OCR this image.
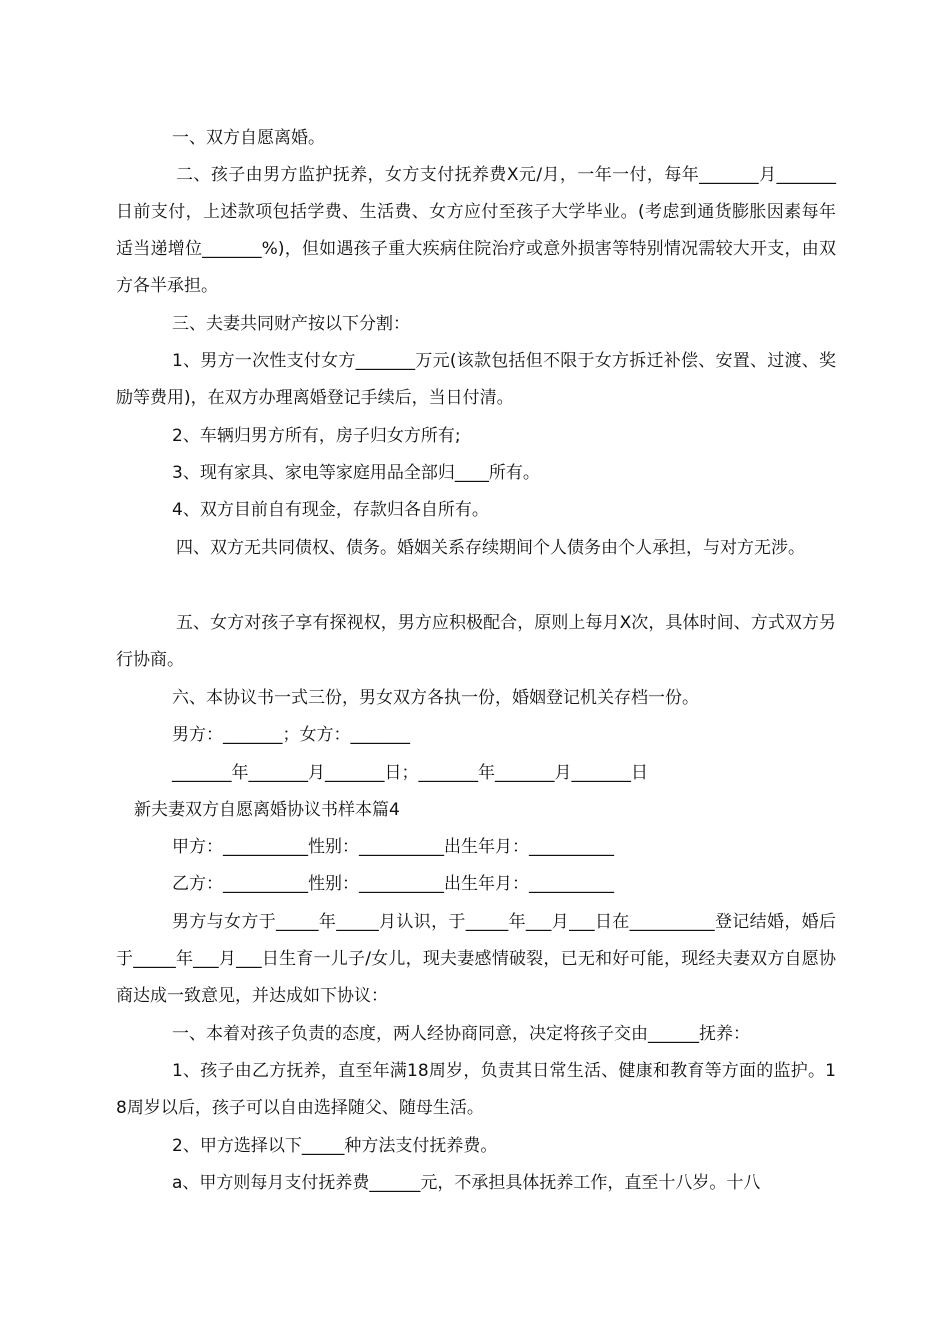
一、双方自愿离婚。

二、孩子由男方监护抚养，女方支付抚养费X元/月，一年一付，每年_______月_______日前支付，上述款项包括学费、生活费、女方应付至孩子大学毕业。(考虑到通货膨胀因素每年适当递增位_______%)，但如遇孩子重大疾病住院治疗或意外损害等特别情况需较大开支，由双方各半承担。

三、夫妻共同财产按以下分割：

1、男方一次性支付女方_______万元(该款包括但不限于女方拆迁补偿、安置、过渡、奖励等费用)，在双方办理离婚登记手续后，当日付清。

2、车辆归男方所有，房子归女方所有;

3、现有家具、家电等家庭用品全部归____所有。

4、双方目前自有现金，存款归各自所有。

四、双方无共同债权、债务。婚姻关系存续期间个人债务由个人承担，与对方无涉。

五、女方对孩子享有探视权，男方应积极配合，原则上每月X次，具体时间、方式双方另行协商。

六、本协议书一式三份，男女双方各执一份，婚姻登记机关存档一份。

男方：_______；女方：_______

_______年_______月_______日；_______年_______月_______日

新夫妻双方自愿离婚协议书样本篇4

甲方：__________性别：__________出生年月：__________

乙方：__________性别：__________出生年月：__________

男方与女方于_____年_____月认识，于_____年___月___日在__________登记结婚，婚后于_____年___月___日生育一儿子/女儿，现夫妻感情破裂，已无和好可能，现经夫妻双方自愿协商达成一致意见，并达成如下协议：

一、本着对孩子负责的态度，两人经协商同意，决定将孩子交由______抚养：

1、孩子由乙方抚养，直至年满18周岁，负责其日常生活、健康和教育等方面的监护。18周岁以后，孩子可以自由选择随父、随母生活。

2、甲方选择以下_____种方法支付抚养费。

a、甲方则每月支付抚养费______元，不承担具体抚养工作，直至十八岁。十八
